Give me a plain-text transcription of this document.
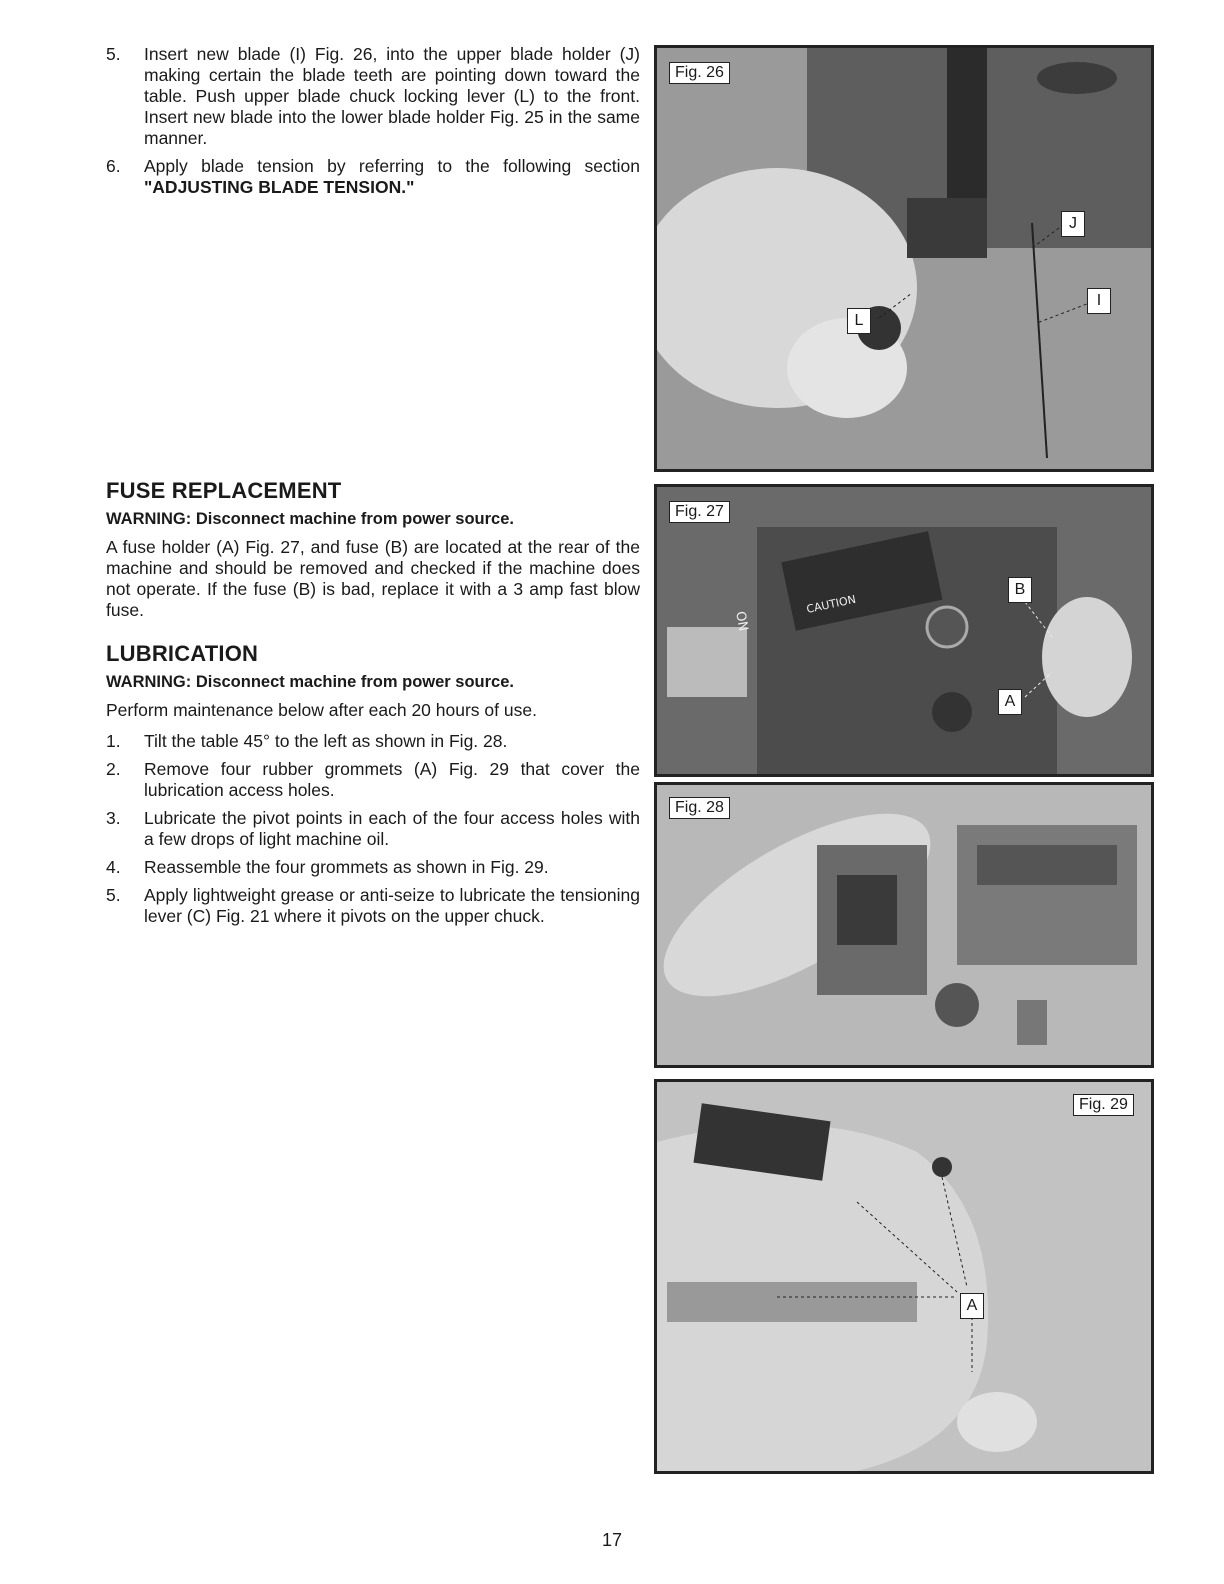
5. Insert new blade (I) Fig. 26, into the upper blade holder (J) making certain the blade teeth are pointing down toward the table. Push upper blade chuck locking lever (L) to the front. Insert new blade into the lower blade holder Fig. 25 in the same manner.
6. Apply blade tension by referring to the following section "ADJUSTING BLADE TENSION."
FUSE REPLACEMENT
WARNING: Disconnect machine from power source.
A fuse holder (A) Fig. 27, and fuse (B) are located at the rear of the machine and should be removed and checked if the machine does not operate. If the fuse (B) is bad, replace it with a 3 amp fast blow fuse.
LUBRICATION
WARNING: Disconnect machine from power source.
Perform maintenance below after each 20 hours of use.
1. Tilt the table 45° to the left as shown in Fig. 28.
2. Remove four rubber grommets (A) Fig. 29 that cover the lubrication access holes.
3. Lubricate the pivot points in each of the four access holes with a few drops of light machine oil.
4. Reassemble the four grommets as shown in Fig. 29.
5. Apply lightweight grease or anti-seize to lubricate the tensioning lever (C) Fig. 21 where it pivots on the upper chuck.
Fig. 26
J
I
L
CAUTION
ON
Fig. 27
B
A
Fig. 28
Fig. 29
A
17
